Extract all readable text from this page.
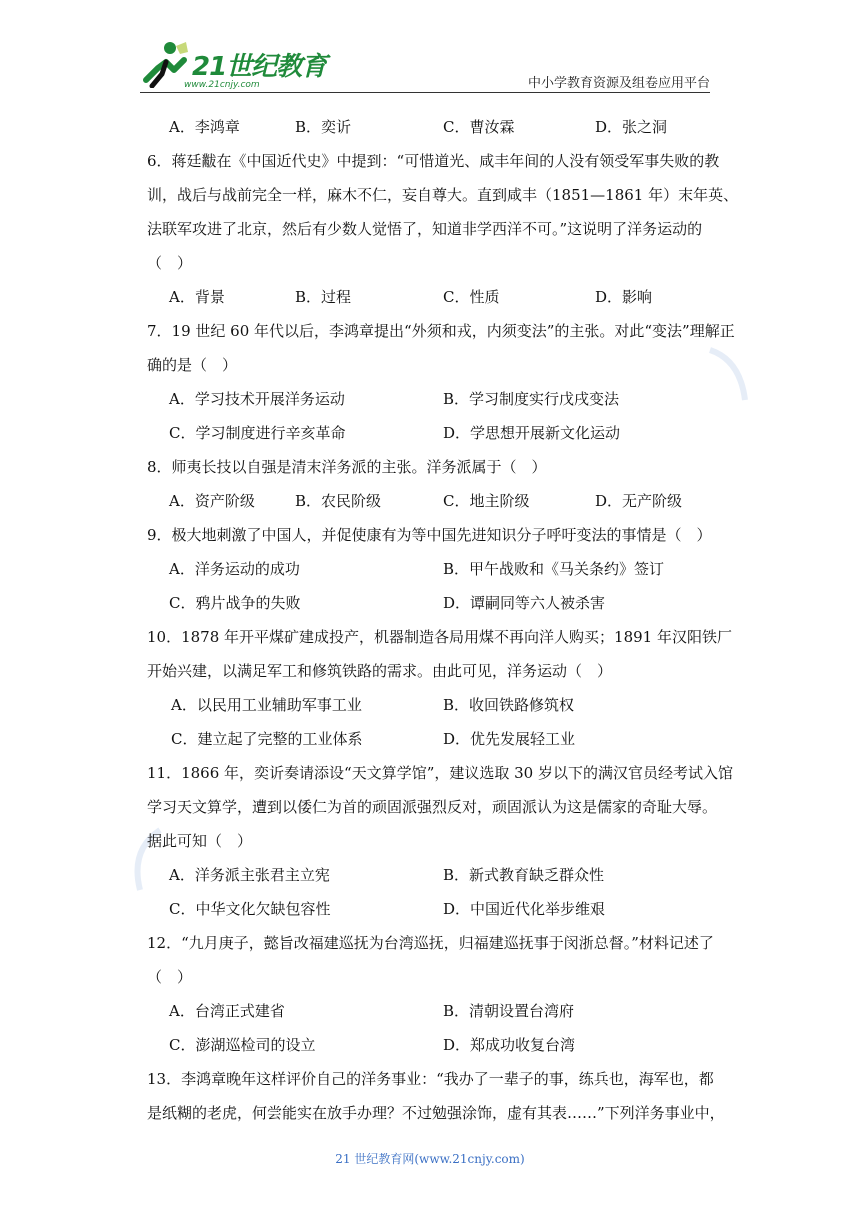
21世纪教育
www.21cnjy.com	中小学教育资源及组卷应用平台
A．李鸿章	B．奕䜣	C．曹汝霖	D．张之洞
6．蒋廷黻在《中国近代史》中提到：“可惜道光、咸丰年间的人没有领受军事失败的教
训，战后与战前完全一样，麻木不仁，妄自尊大。直到咸丰（1851—1861 年）末年英、
法联军攻进了北京，然后有少数人觉悟了，知道非学西洋不可。”这说明了洋务运动的
（　）
A．背景	B．过程	C．性质	D．影响
7．19 世纪 60 年代以后，李鸿章提出“外须和戎，内须变法”的主张。对此“变法”理解正
确的是（　）
A．学习技术开展洋务运动	B．学习制度实行戊戌变法
C．学习制度进行辛亥革命	D．学思想开展新文化运动
8．师夷长技以自强是清末洋务派的主张。洋务派属于（　）
A．资产阶级	B．农民阶级	C．地主阶级	D．无产阶级
9．极大地刺激了中国人，并促使康有为等中国先进知识分子呼吁变法的事情是（　）
A．洋务运动的成功	B．甲午战败和《马关条约》签订
C．鸦片战争的失败	D．谭嗣同等六人被杀害
10．1878 年开平煤矿建成投产，机器制造各局用煤不再向洋人购买；1891 年汉阳铁厂
开始兴建，以满足军工和修筑铁路的需求。由此可见，洋务运动（　）
A．以民用工业辅助军事工业	B．收回铁路修筑权
C．建立起了完整的工业体系	D．优先发展轻工业
11．1866 年，奕䜣奏请添设“天文算学馆”，建议选取 30 岁以下的满汉官员经考试入馆
学习天文算学，遭到以倭仁为首的顽固派强烈反对，顽固派认为这是儒家的奇耻大辱。
据此可知（　）
A．洋务派主张君主立宪	B．新式教育缺乏群众性
C．中华文化欠缺包容性	D．中国近代化举步维艰
12．“九月庚子，懿旨改福建巡抚为台湾巡抚，归福建巡抚事于闵浙总督。”材料记述了
（　）
A．台湾正式建省	B．清朝设置台湾府
C．澎湖巡检司的设立	D．郑成功收复台湾
13．李鸿章晚年这样评价自己的洋务事业：“我办了一辈子的事，练兵也，海军也，都
是纸糊的老虎，何尝能实在放手办理？不过勉强涂饰，虚有其表……”下列洋务事业中，
21 世纪教育网(www.21cnjy.com)
